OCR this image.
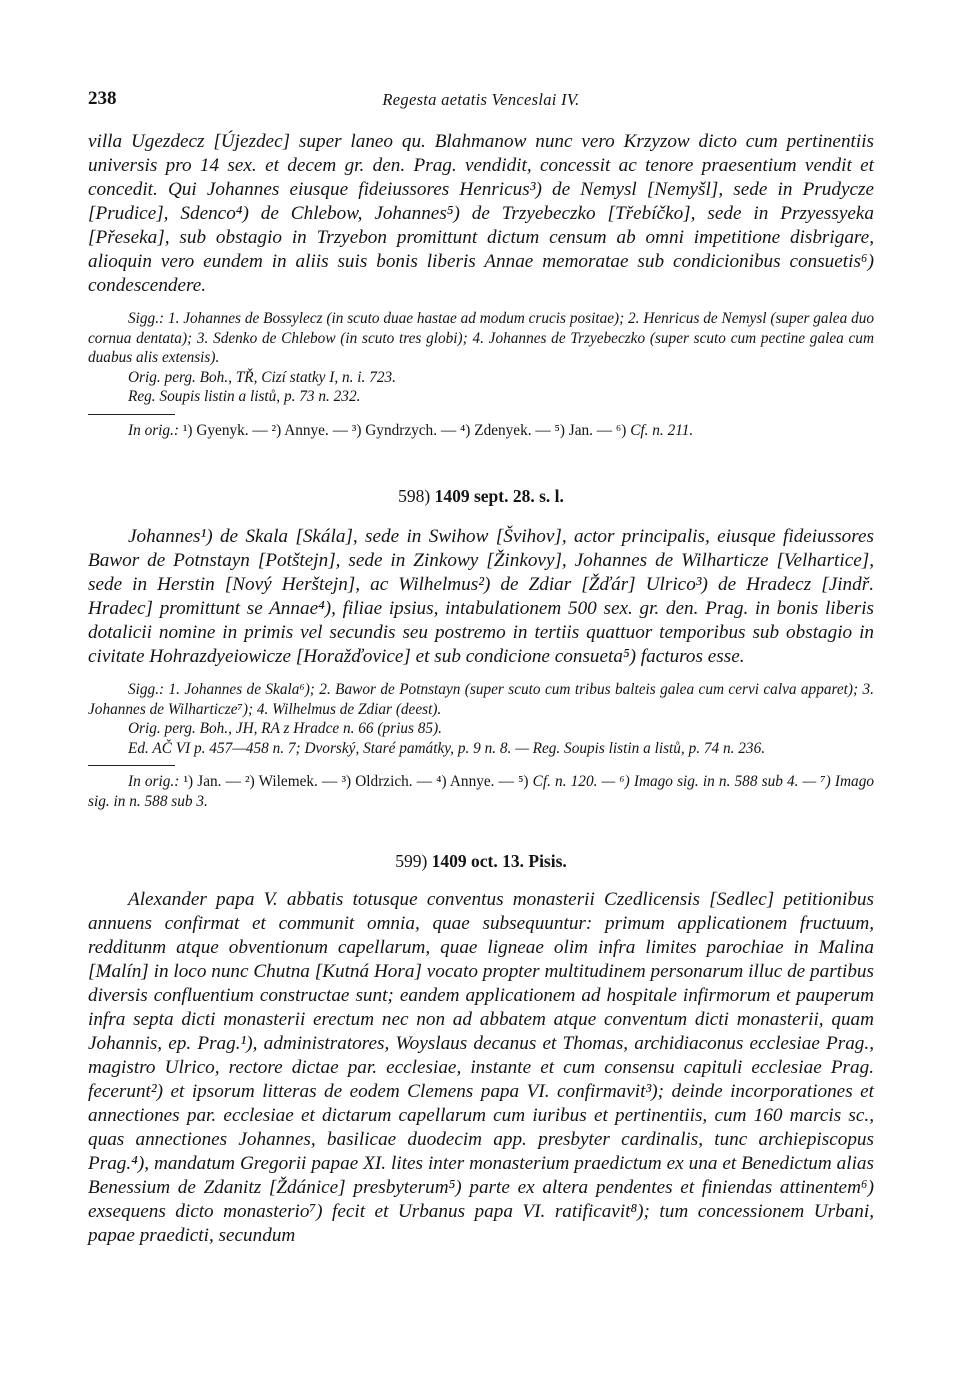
238	Regesta aetatis Venceslai IV.

villa Ugezdecz [Újezdec] super laneo qu. Blahmanow nunc vero Krzyzow dicto cum pertinentiis universis pro 14 sex. et decem gr. den. Prag. vendidit, concessit ac tenore praesentium vendit et concedit. Qui Johannes eiusque fideiussores Henricus³) de Nemysl [Nemyšl], sede in Prudycze [Prudice], Sdenco⁴) de Chlebow, Johannes⁵) de Trzyebeczko [Třebíčko], sede in Przyessyeka [Přeseka], sub obstagio in Trzyebon promittunt dictum censum ab omni impetitione disbrigare, alioquin vero eundem in aliis suis bonis liberis Annae memoratae sub condicionibus consuetis⁶) condescendere.

Sigg.: 1. Johannes de Bossylecz (in scuto duae hastae ad modum crucis positae); 2. Henricus de Nemysl (super galea duo cornua dentata); 3. Sdenko de Chlebow (in scuto tres globi); 4. Johannes de Trzyebeczko (super scuto cum pectine galea cum duabus alis extensis).

Orig. perg. Boh., TŘ, Cizí statky I, n. i. 723.

Reg. Soupis listin a listů, p. 73 n. 232.

In orig.: ¹) Gyenyk. — ²) Annye. — ³) Gyndrzych. — ⁴) Zdenyek. — ⁵) Jan. — ⁶) Cf. n. 211.

598) 1409 sept. 28. s. l.

Johannes¹) de Skala [Skála], sede in Swihow [Švihov], actor principalis, eiusque fideiussores Bawor de Potnstayn [Potštejn], sede in Zinkowy [Žinkovy], Johannes de Wilharticze [Velhartice], sede in Herstin [Nový Herštejn], ac Wilhelmus²) de Zdiar [Žďár] Ulrico³) de Hradecz [Jindř. Hradec] promittunt se Annae⁴), filiae ipsius, intabulationem 500 sex. gr. den. Prag. in bonis liberis dotalicii nomine in primis vel secundis seu postremo in tertiis quattuor temporibus sub obstagio in civitate Hohrazdyeiowicze [Horažďovice] et sub condicione consueta⁵) facturos esse.

Sigg.: 1. Johannes de Skala⁶); 2. Bawor de Potnstayn (super scuto cum tribus balteis galea cum cervi calva apparet); 3. Johannes de Wilharticze⁷); 4. Wilhelmus de Zdiar (deest).

Orig. perg. Boh., JH, RA z Hradce n. 66 (prius 85).

Ed. AČ VI p. 457—458 n. 7; Dvorský, Staré památky, p. 9 n. 8. — Reg. Soupis listin a listů, p. 74 n. 236.

In orig.: ¹) Jan. — ²) Wilemek. — ³) Oldrzich. — ⁴) Annye. — ⁵) Cf. n. 120. — ⁶) Imago sig. in n. 588 sub 4. — ⁷) Imago sig. in n. 588 sub 3.

599) 1409 oct. 13. Pisis.

Alexander papa V. abbatis totusque conventus monasterii Czedlicensis [Sedlec] petitionibus annuens confirmat et communit omnia, quae subsequuntur: primum applicationem fructuum, redditunm atque obventionum capellarum, quae ligneae olim infra limites parochiae in Malina [Malín] in loco nunc Chutna [Kutná Hora] vocato propter multitudinem personarum illuc de partibus diversis confluentium constructae sunt; eandem applicationem ad hospitale infirmorum et pauperum infra septa dicti monasterii erectum nec non ad abbatem atque conventum dicti monasterii, quam Johannis, ep. Prag.¹), administratores, Woyslaus decanus et Thomas, archidiaconus ecclesiae Prag., magistro Ulrico, rectore dictae par. ecclesiae, instante et cum consensu capituli ecclesiae Prag. fecerunt²) et ipsorum litteras de eodem Clemens papa VI. confirmavit³); deinde incorporationes et annectiones par. ecclesiae et dictarum capellarum cum iuribus et pertinentiis, cum 160 marcis sc., quas annectiones Johannes, basilicae duodecim app. presbyter cardinalis, tunc archiepiscopus Prag.⁴), mandatum Gregorii papae XI. lites inter monasterium praedictum ex una et Benedictum alias Benessium de Zdanitz [Ždánice] presbyterum⁵) parte ex altera pendentes et finiendas attinentem⁶) exsequens dicto monasterio⁷) fecit et Urbanus papa VI. ratificavit⁸); tum concessionem Urbani, papae praedicti, secundum
